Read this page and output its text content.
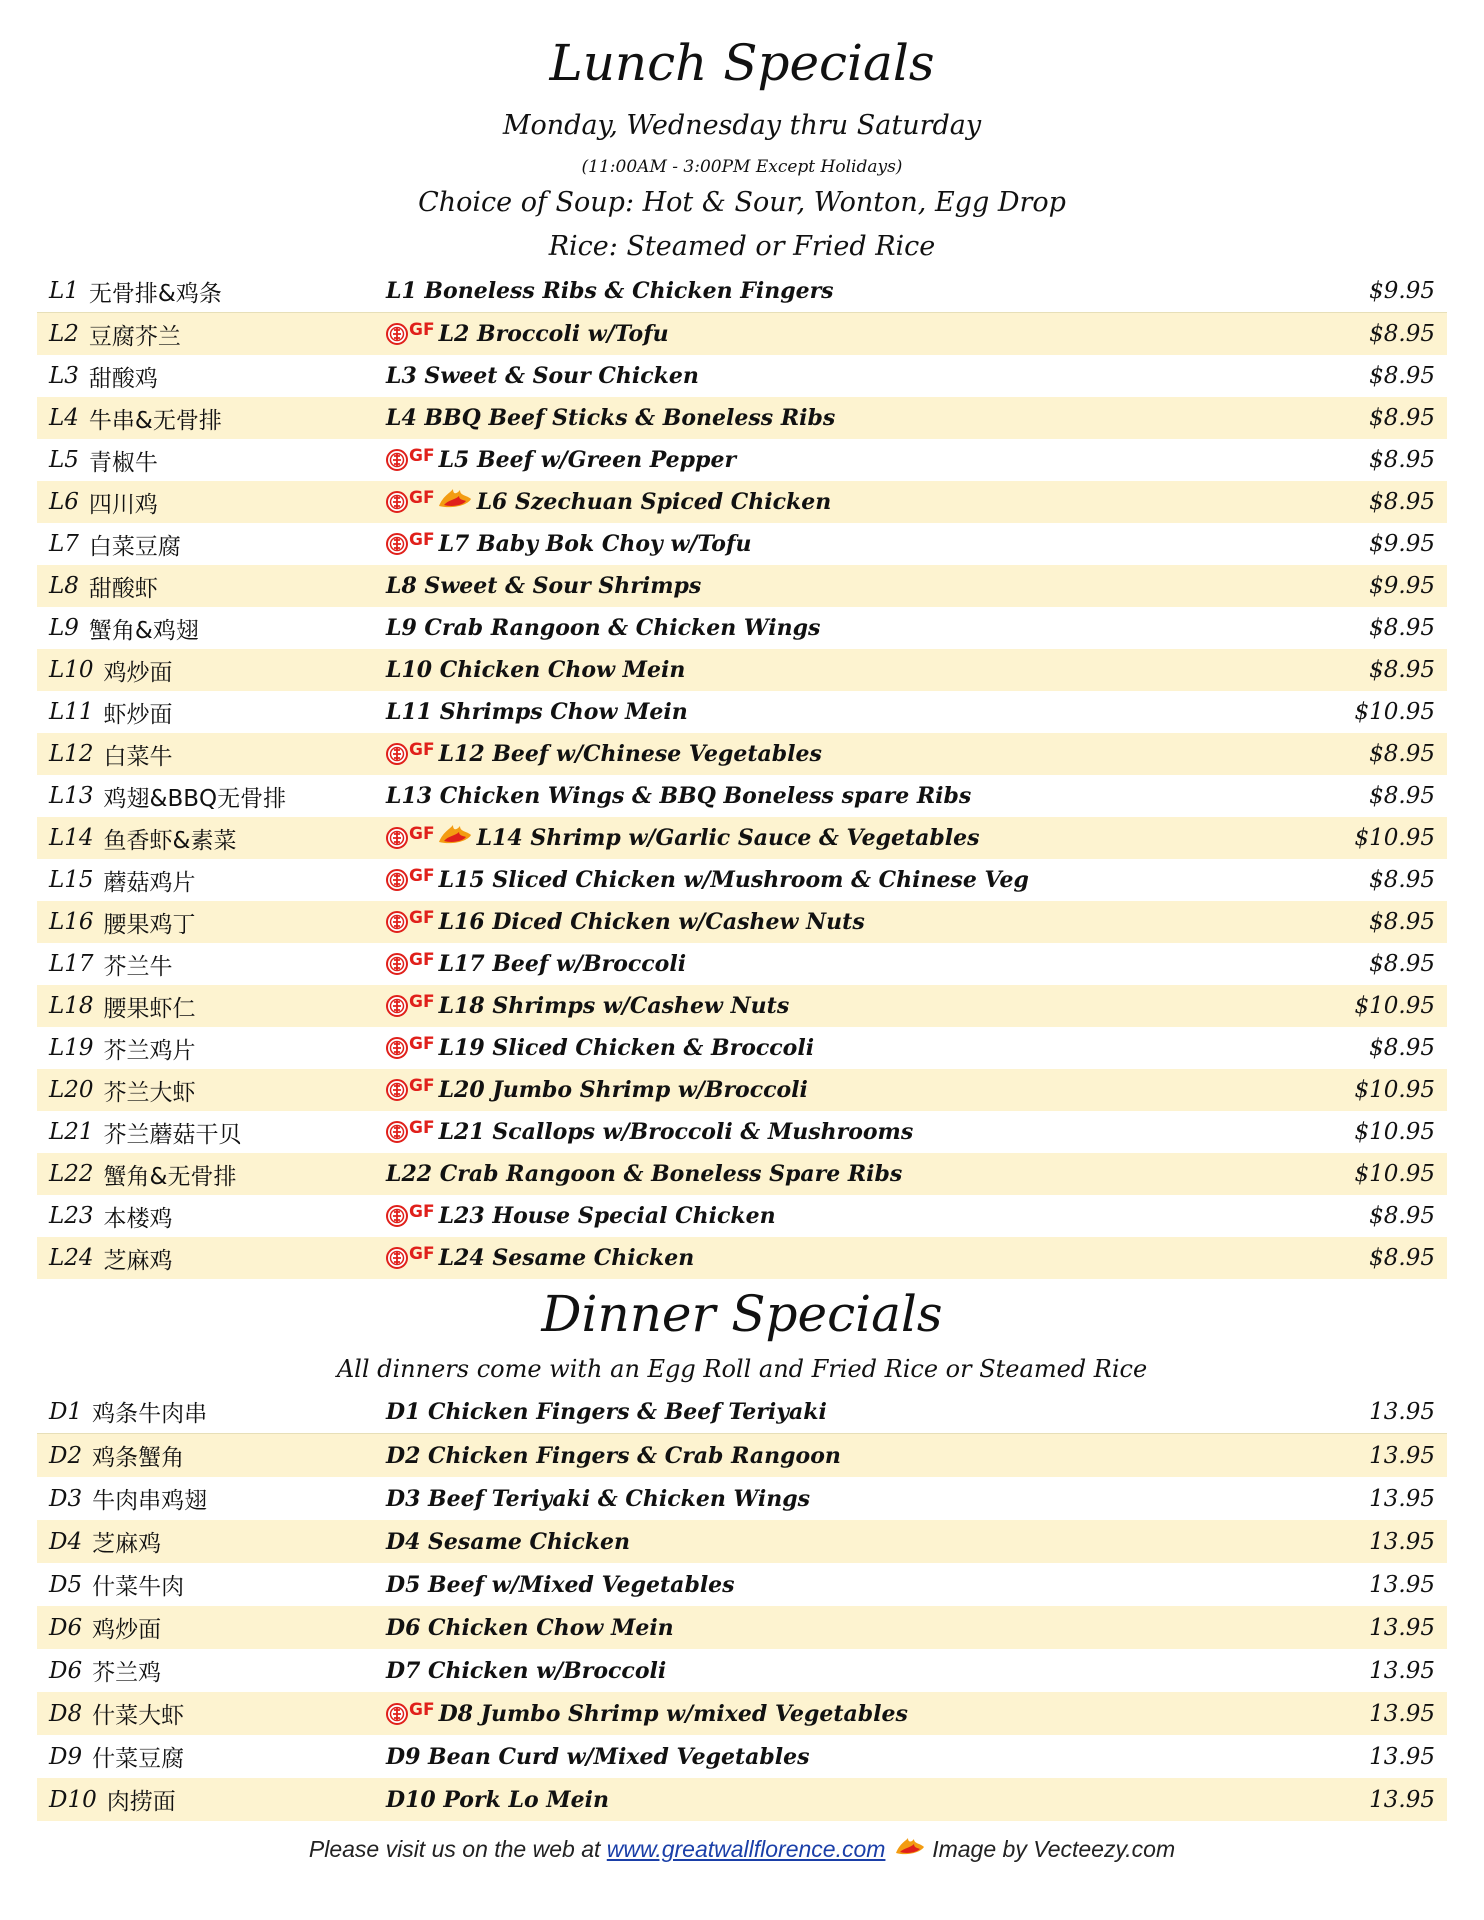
Lunch Specials
Monday, Wednesday thru Saturday
(11:00AM - 3:00PM Except Holidays)
Choice of Soup: Hot & Sour, Wonton, Egg Drop
Rice: Steamed or Fried Rice
L1 无骨排&鸡条	L1 Boneless Ribs & Chicken Fingers	$9.95
L2 豆腐芥兰	GF L2 Broccoli w/Tofu	$8.95
L3 甜酸鸡	L3 Sweet & Sour Chicken	$8.95
L4 牛串&无骨排	L4 BBQ Beef Sticks & Boneless Ribs	$8.95
L5 青椒牛	GF L5 Beef w/Green Pepper	$8.95
L6 四川鸡	GF L6 Szechuan Spiced Chicken	$8.95
L7 白菜豆腐	GF L7 Baby Bok Choy w/Tofu	$9.95
L8 甜酸虾	L8 Sweet & Sour Shrimps	$9.95
L9 蟹角&鸡翅	L9 Crab Rangoon & Chicken Wings	$8.95
L10 鸡炒面	L10 Chicken Chow Mein	$8.95
L11 虾炒面	L11 Shrimps Chow Mein	$10.95
L12 白菜牛	GF L12 Beef w/Chinese Vegetables	$8.95
L13 鸡翅&BBQ无骨排	L13 Chicken Wings & BBQ Boneless spare Ribs	$8.95
L14 鱼香虾&素菜	GF L14 Shrimp w/Garlic Sauce & Vegetables	$10.95
L15 蘑菇鸡片	GF L15 Sliced Chicken w/Mushroom & Chinese Veg	$8.95
L16 腰果鸡丁	GF L16 Diced Chicken w/Cashew Nuts	$8.95
L17 芥兰牛	GF L17 Beef w/Broccoli	$8.95
L18 腰果虾仁	GF L18 Shrimps w/Cashew Nuts	$10.95
L19 芥兰鸡片	GF L19 Sliced Chicken & Broccoli	$8.95
L20 芥兰大虾	GF L20 Jumbo Shrimp w/Broccoli	$10.95
L21 芥兰蘑菇干贝	GF L21 Scallops w/Broccoli & Mushrooms	$10.95
L22 蟹角&无骨排	L22 Crab Rangoon & Boneless Spare Ribs	$10.95
L23 本楼鸡	GF L23 House Special Chicken	$8.95
L24 芝麻鸡	GF L24 Sesame Chicken	$8.95
Dinner Specials
All dinners come with an Egg Roll and Fried Rice or Steamed Rice
D1 鸡条牛肉串	D1 Chicken Fingers & Beef Teriyaki	13.95
D2 鸡条蟹角	D2 Chicken Fingers & Crab Rangoon	13.95
D3 牛肉串鸡翅	D3 Beef Teriyaki & Chicken Wings	13.95
D4 芝麻鸡	D4 Sesame Chicken	13.95
D5 什菜牛肉	D5 Beef w/Mixed Vegetables	13.95
D6 鸡炒面	D6 Chicken Chow Mein	13.95
D6 芥兰鸡	D7 Chicken w/Broccoli	13.95
D8 什菜大虾	GF D8 Jumbo Shrimp w/mixed Vegetables	13.95
D9 什菜豆腐	D9 Bean Curd w/Mixed Vegetables	13.95
D10 肉捞面	D10 Pork Lo Mein	13.95
Please visit us on the web at www.greatwallflorence.com Image by Vecteezy.com
